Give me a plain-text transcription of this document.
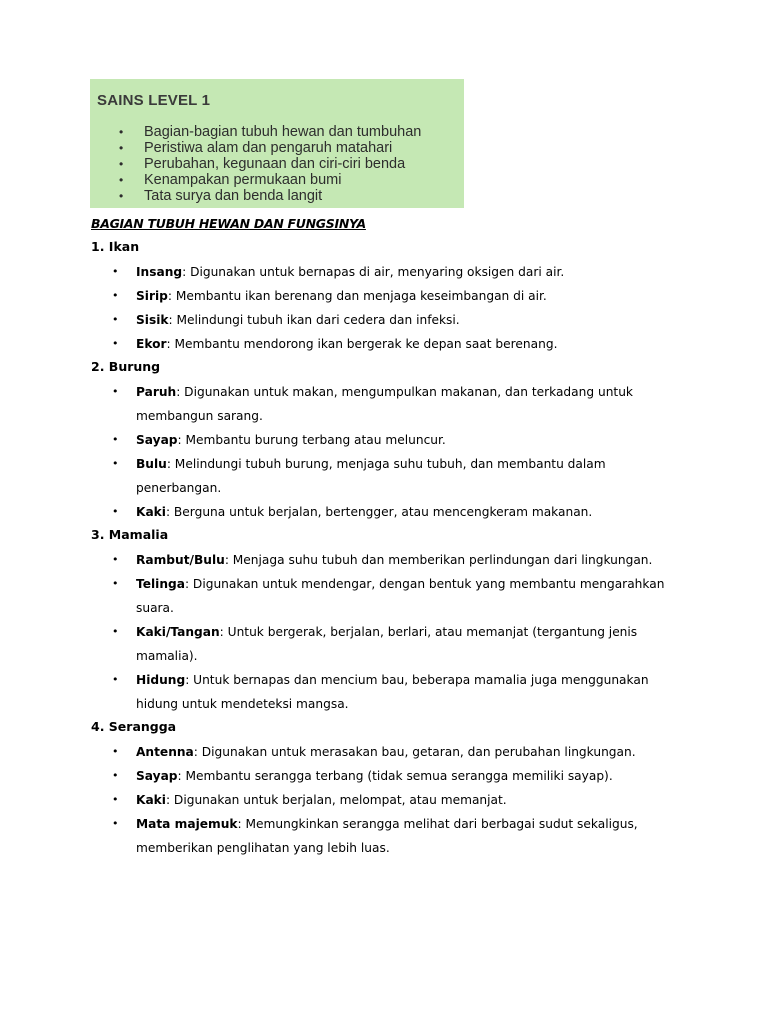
SAINS LEVEL 1
• Bagian-bagian tubuh hewan dan tumbuhan
• Peristiwa alam dan pengaruh matahari
• Perubahan, kegunaan dan ciri-ciri benda
• Kenampakan permukaan bumi
• Tata surya dan benda langit
BAGIAN TUBUH HEWAN DAN FUNGSINYA
1. Ikan
• Insang: Digunakan untuk bernapas di air, menyaring oksigen dari air.
• Sirip: Membantu ikan berenang dan menjaga keseimbangan di air.
• Sisik: Melindungi tubuh ikan dari cedera dan infeksi.
• Ekor: Membantu mendorong ikan bergerak ke depan saat berenang.
2. Burung
• Paruh: Digunakan untuk makan, mengumpulkan makanan, dan terkadang untuk membangun sarang.
• Sayap: Membantu burung terbang atau meluncur.
• Bulu: Melindungi tubuh burung, menjaga suhu tubuh, dan membantu dalam penerbangan.
• Kaki: Berguna untuk berjalan, bertengger, atau mencengkeram makanan.
3. Mamalia
• Rambut/Bulu: Menjaga suhu tubuh dan memberikan perlindungan dari lingkungan.
• Telinga: Digunakan untuk mendengar, dengan bentuk yang membantu mengarahkan suara.
• Kaki/Tangan: Untuk bergerak, berjalan, berlari, atau memanjat (tergantung jenis mamalia).
• Hidung: Untuk bernapas dan mencium bau, beberapa mamalia juga menggunakan hidung untuk mendeteksi mangsa.
4. Serangga
• Antenna: Digunakan untuk merasakan bau, getaran, dan perubahan lingkungan.
• Sayap: Membantu serangga terbang (tidak semua serangga memiliki sayap).
• Kaki: Digunakan untuk berjalan, melompat, atau memanjat.
• Mata majemuk: Memungkinkan serangga melihat dari berbagai sudut sekaligus, memberikan penglihatan yang lebih luas.
